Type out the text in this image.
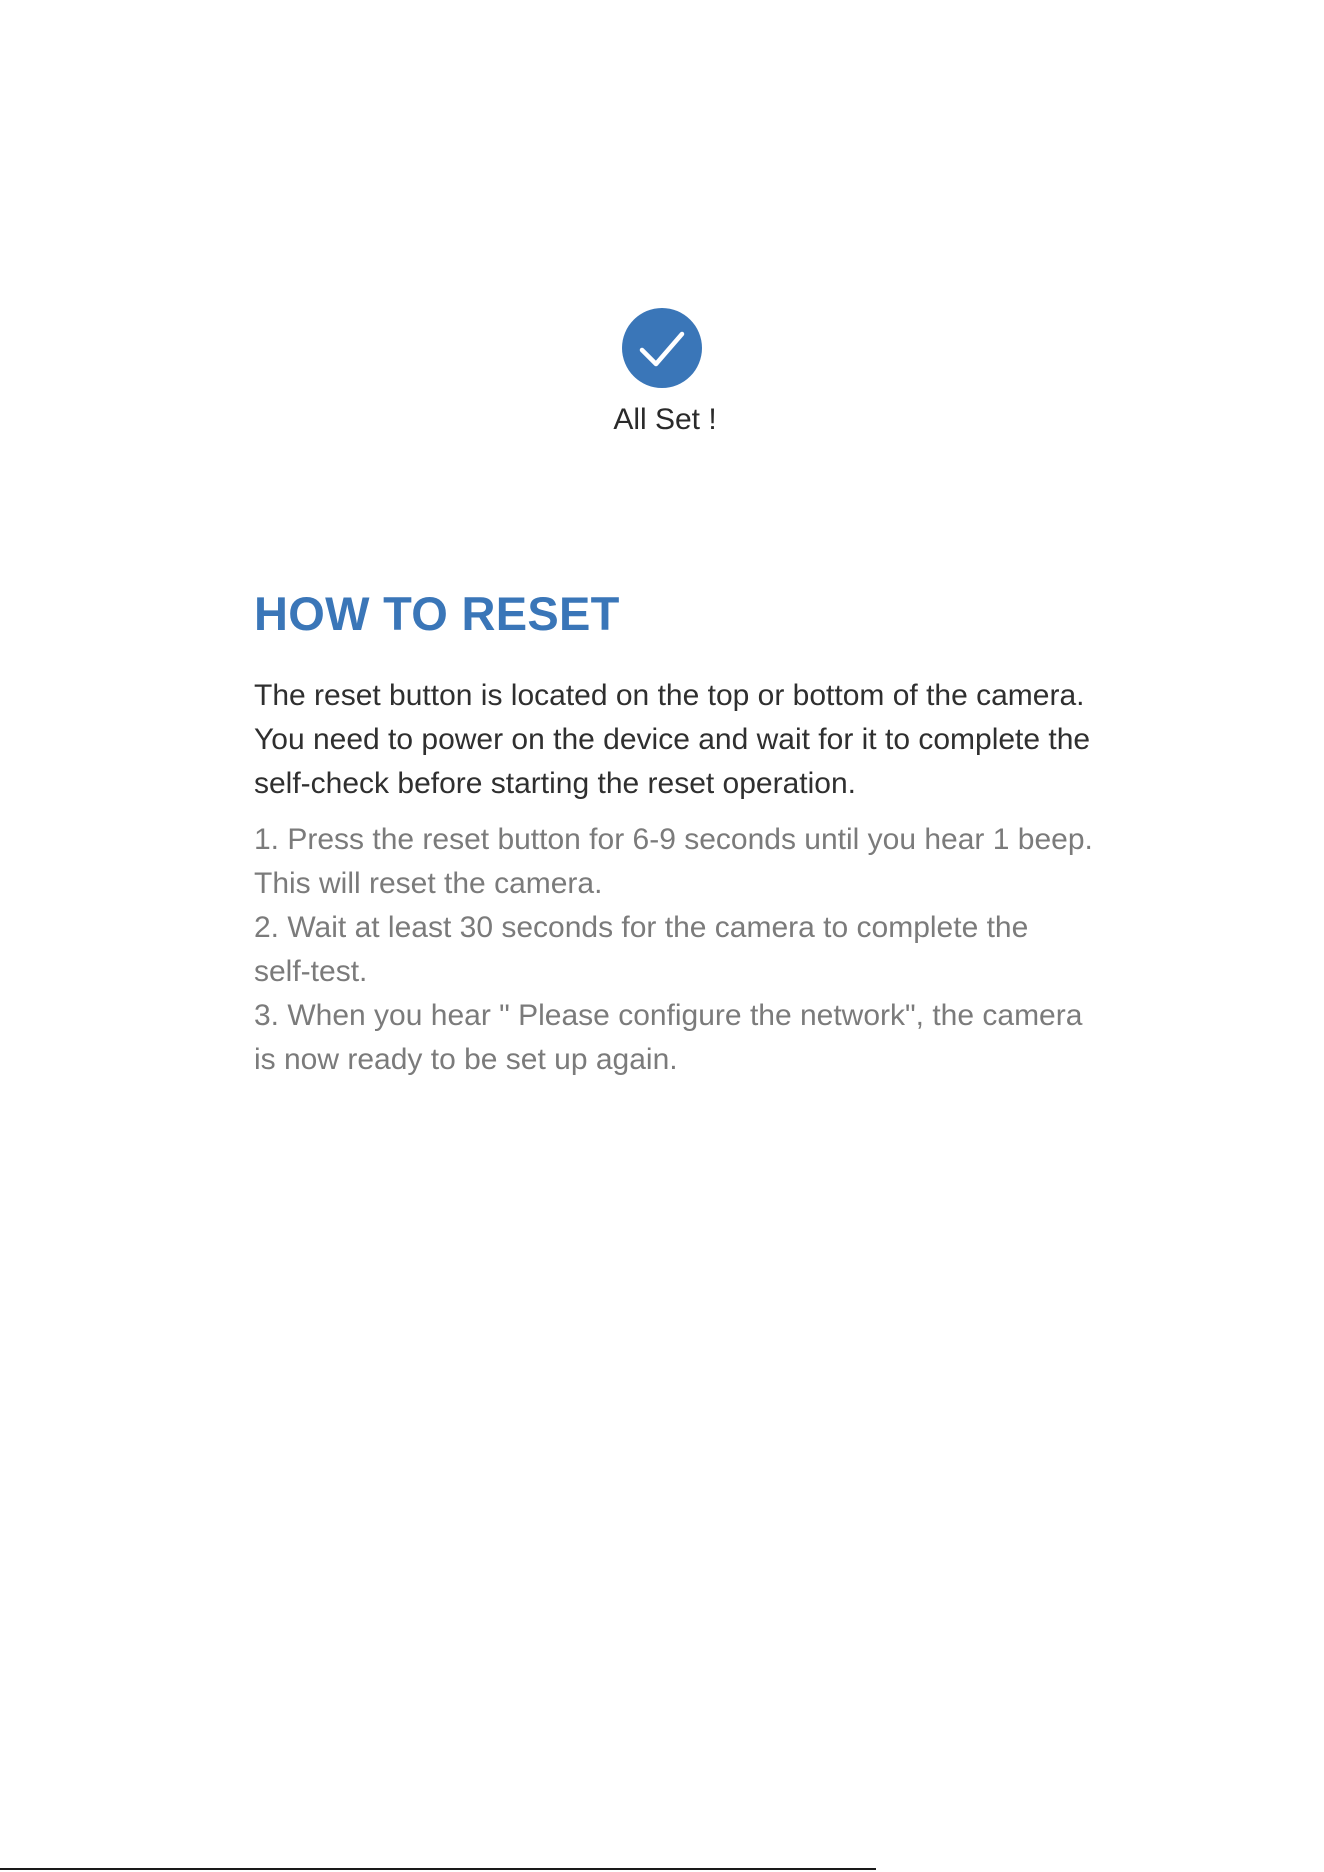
All Set !
HOW TO RESET
The reset button is located on the top or bottom of the camera.
You need to power on the device and wait for it to complete the
self-check before starting the reset operation.

1. Press the reset button for 6-9 seconds until you hear 1 beep.

This will reset the camera.

2. Wait at least 30 seconds for the camera to complete the

self-test.

3. When you hear " Please configure the network", the camera

is now ready to be set up again.
